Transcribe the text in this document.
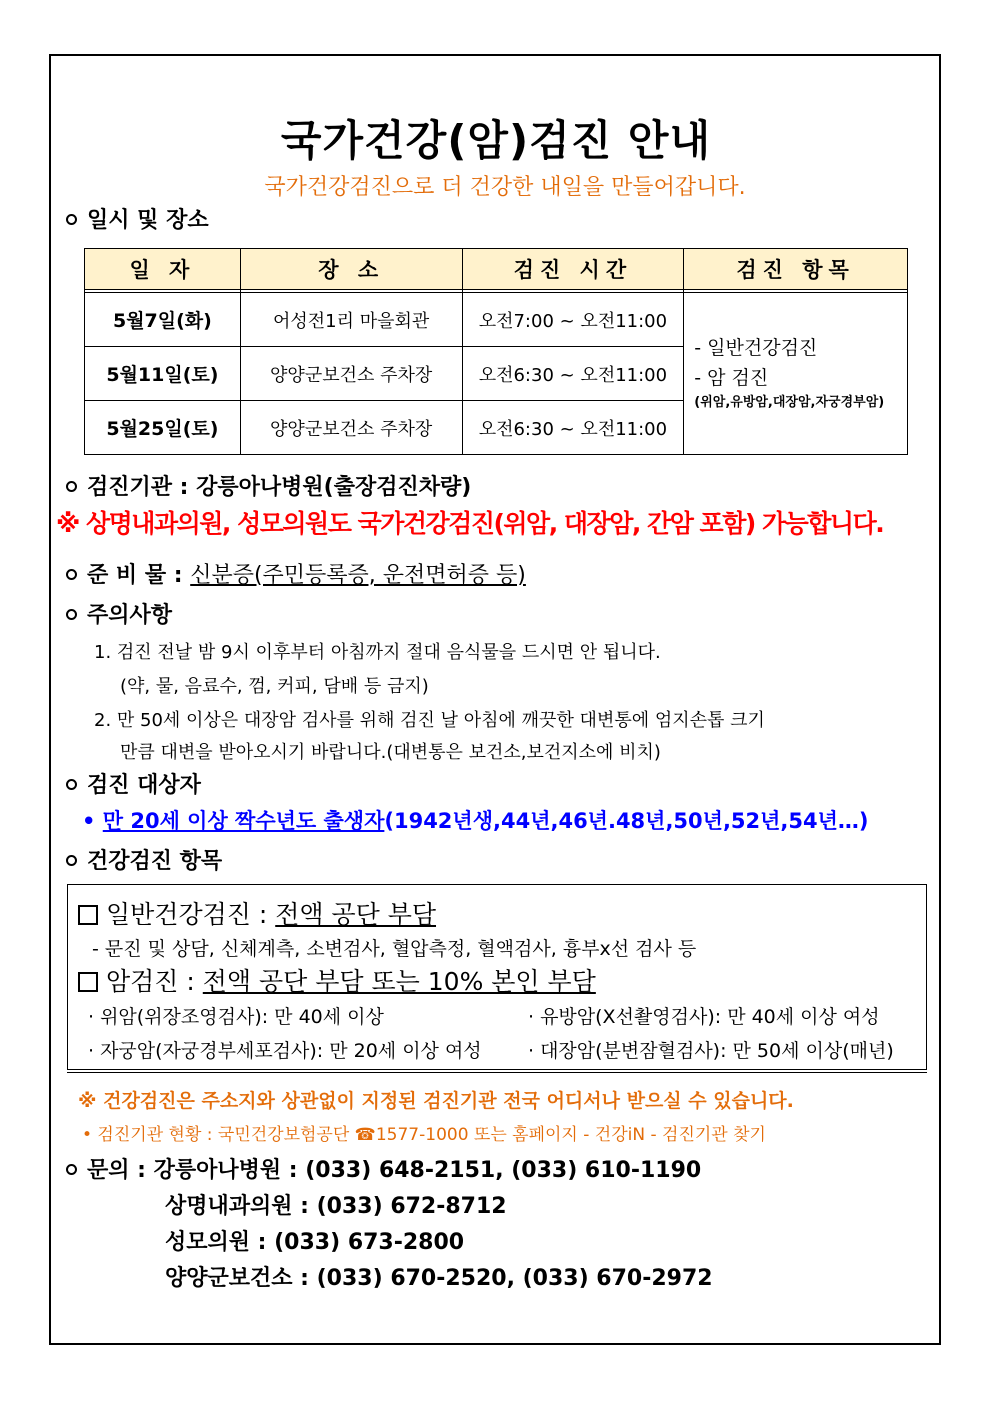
국가건강(암)검진 안내
국가건강검진으로 더 건강한 내일을 만들어갑니다.
일시 및 장소
일 자	장 소	검진 시간	검진 항목

5월7일(화)	어성전1리 마을회관	오전7:00 ~ 오전11:00	- 일반건강검진
- 암 검진
(위암,유방암,대장암,자궁경부암)

5월11일(토)	양양군보건소 주차장	오전6:30 ~ 오전11:00	
5월25일(토)	양양군보건소 주차장	오전6:30 ~ 오전11:00	
검진기관 : 강릉아나병원(출장검진차량)
※ 상명내과의원, 성모의원도 국가건강검진(위암, 대장암, 간암 포함) 가능합니다.
준 비 물 : 신분증(주민등록증, 운전면허증 등)
주의사항
1. 검진 전날 밤 9시 이후부터 아침까지 절대 음식물을 드시면 안 됩니다.
(약, 물, 음료수, 껌, 커피, 담배 등 금지)
2. 만 50세 이상은 대장암 검사를 위해 검진 날 아침에 깨끗한 대변통에 엄지손톱 크기
만큼 대변을 받아오시기 바랍니다.(대변통은 보건소,보건지소에 비치)
검진 대상자
• 만 20세 이상 짝수년도 출생자(1942년생,44년,46년.48년,50년,52년,54년…)
건강검진 항목
일반건강검진 : 전액 공단 부담
- 문진 및 상담, 신체계측, 소변검사, 혈압측정, 혈액검사, 흉부x선 검사 등
암검진 : 전액 공단 부담 또는 10% 본인 부담
· 위암(위장조영검사): 만 40세 이상	· 유방암(X선촬영검사): 만 40세 이상 여성
· 자궁암(자궁경부세포검사): 만 20세 이상 여성 · 대장암(분변잠혈검사): 만 50세 이상(매년)
※ 건강검진은 주소지와 상관없이 지정된 검진기관 전국 어디서나 받으실 수 있습니다.
• 검진기관 현황 : 국민건강보험공단 ☎1577-1000 또는 홈페이지 - 건강iN - 검진기관 찾기
문의 : 강릉아나병원 : (033) 648-2151, (033) 610-1190
상명내과의원 : (033) 672-8712
성모의원 : (033) 673-2800
양양군보건소 : (033) 670-2520, (033) 670-2972
